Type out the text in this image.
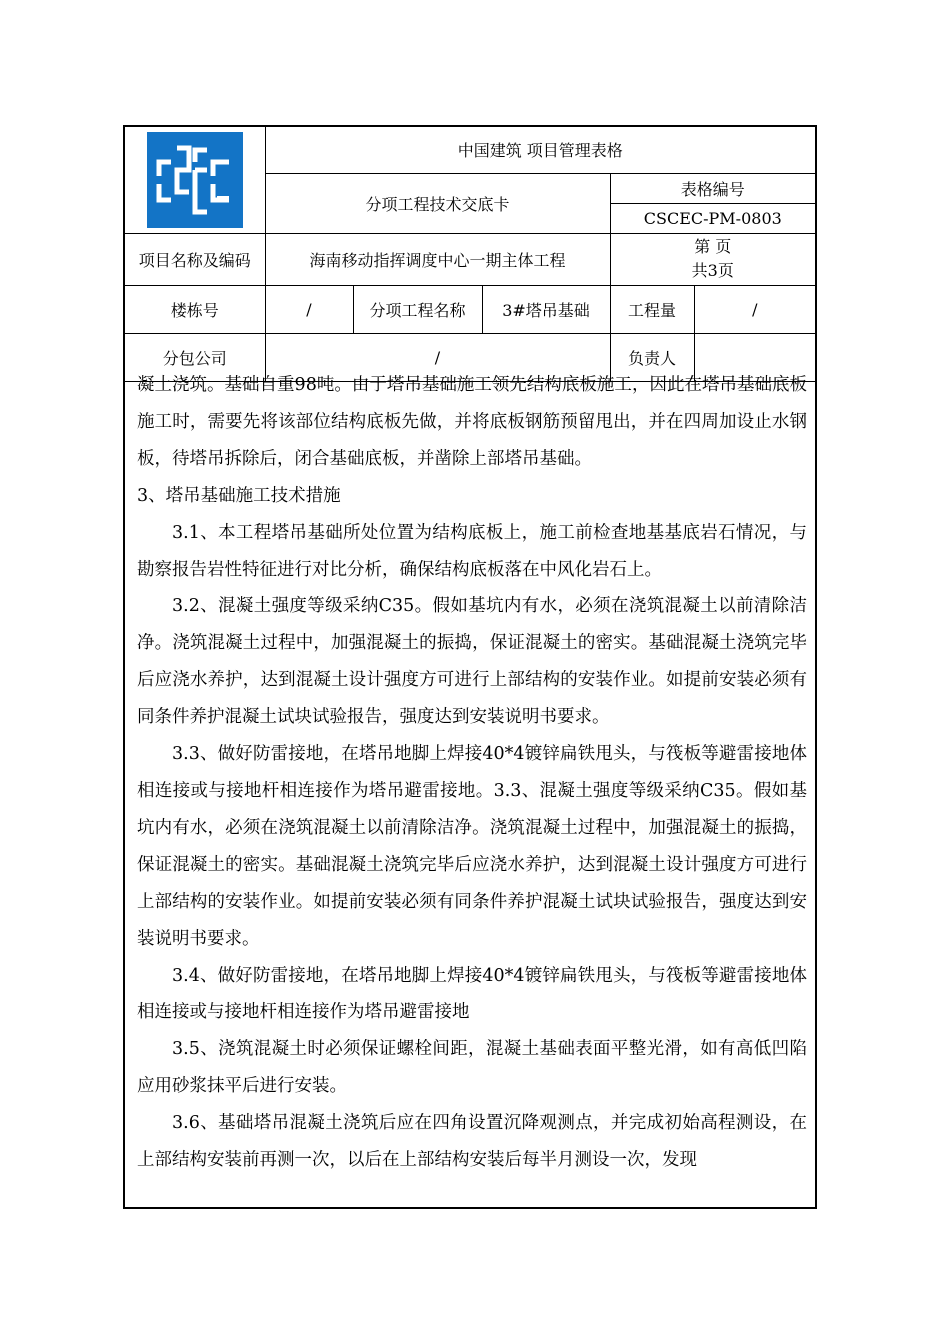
	中国建筑 项目管理表格				
	分项工程技术交底卡			表格编号	
				CSCEC-PM-0803	
项目名称及编码	海南移动指挥调度中心一期主体工程			第 页
共3页	

楼栋号	/	分项工程名称	3#塔吊基础	工程量	/
分包公司	/			负责人	

凝土浇筑。基础自重98吨。由于塔吊基础施工领先结构底板施工，因此在塔吊基础底板施工时，需要先将该部位结构底板先做，并将底板钢筋预留甩出，并在四周加设止水钢板，待塔吊拆除后，闭合基础底板，并凿除上部塔吊基础。

3、塔吊基础施工技术措施

3.1、本工程塔吊基础所处位置为结构底板上，施工前检查地基基底岩石情况，与勘察报告岩性特征进行对比分析，确保结构底板落在中风化岩石上。

3.2、混凝土强度等级采纳C35。假如基坑内有水，必须在浇筑混凝土以前清除洁净。浇筑混凝土过程中，加强混凝土的振捣，保证混凝土的密实。基础混凝土浇筑完毕后应浇水养护，达到混凝土设计强度方可进行上部结构的安装作业。如提前安装必须有同条件养护混凝土试块试验报告，强度达到安装说明书要求。

3.3、做好防雷接地，在塔吊地脚上焊接40*4镀锌扁铁甩头，与筏板等避雷接地体相连接或与接地杆相连接作为塔吊避雷接地。3.3、混凝土强度等级采纳C35。假如基坑内有水，必须在浇筑混凝土以前清除洁净。浇筑混凝土过程中，加强混凝土的振捣，保证混凝土的密实。基础混凝土浇筑完毕后应浇水养护，达到混凝土设计强度方可进行上部结构的安装作业。如提前安装必须有同条件养护混凝土试块试验报告，强度达到安装说明书要求。

3.4、做好防雷接地，在塔吊地脚上焊接40*4镀锌扁铁甩头，与筏板等避雷接地体相连接或与接地杆相连接作为塔吊避雷接地

3.5、浇筑混凝土时必须保证螺栓间距，混凝土基础表面平整光滑，如有高低凹陷应用砂浆抹平后进行安装。

3.6、基础塔吊混凝土浇筑后应在四角设置沉降观测点，并完成初始高程测设，在上部结构安装前再测一次，以后在上部结构安装后每半月测设一次，发现
